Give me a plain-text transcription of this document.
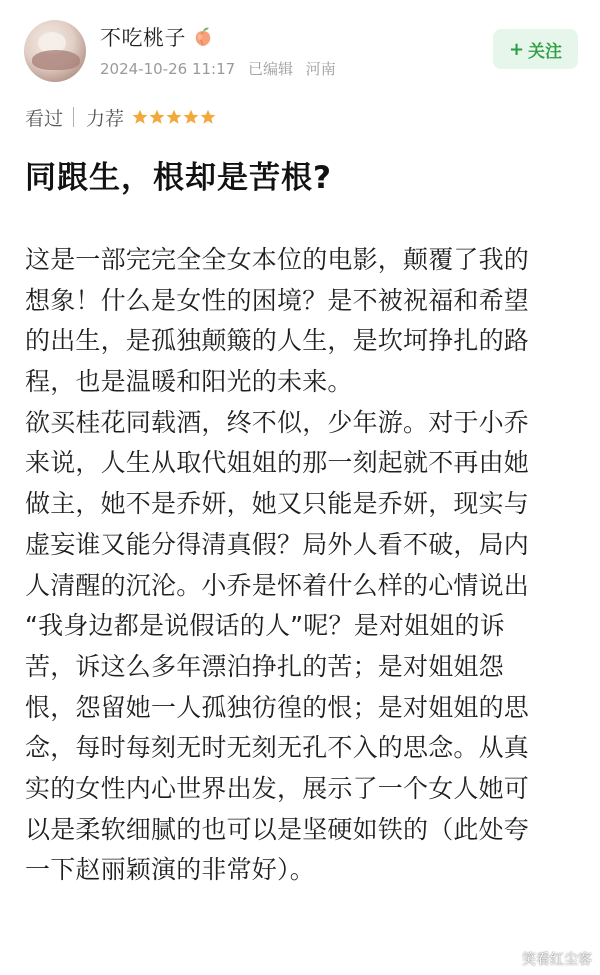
不吃桃子
2024-10-26 11:17 已编辑 河南
+ 关注
看过 力荐
同跟生，根却是苦根?
这是一部完完全全女本位的电影，颠覆了我的
想象！什么是女性的困境？是不被祝福和希望
的出生，是孤独颠簸的人生，是坎坷挣扎的路
程，也是温暖和阳光的未来。
欲买桂花同载酒，终不似，少年游。对于小乔
来说，人生从取代姐姐的那一刻起就不再由她
做主，她不是乔妍，她又只能是乔妍，现实与
虚妄谁又能分得清真假？局外人看不破，局内
人清醒的沉沦。小乔是怀着什么样的心情说出
“我身边都是说假话的人”呢？是对姐姐的诉
苦，诉这么多年漂泊挣扎的苦；是对姐姐怨
恨，怨留她一人孤独彷徨的恨；是对姐姐的思
念，每时每刻无时无刻无孔不入的思念。从真
实的女性内心世界出发，展示了一个女人她可
以是柔软细腻的也可以是坚硬如铁的（此处夸
一下赵丽颖演的非常好）。
笑看红尘客
